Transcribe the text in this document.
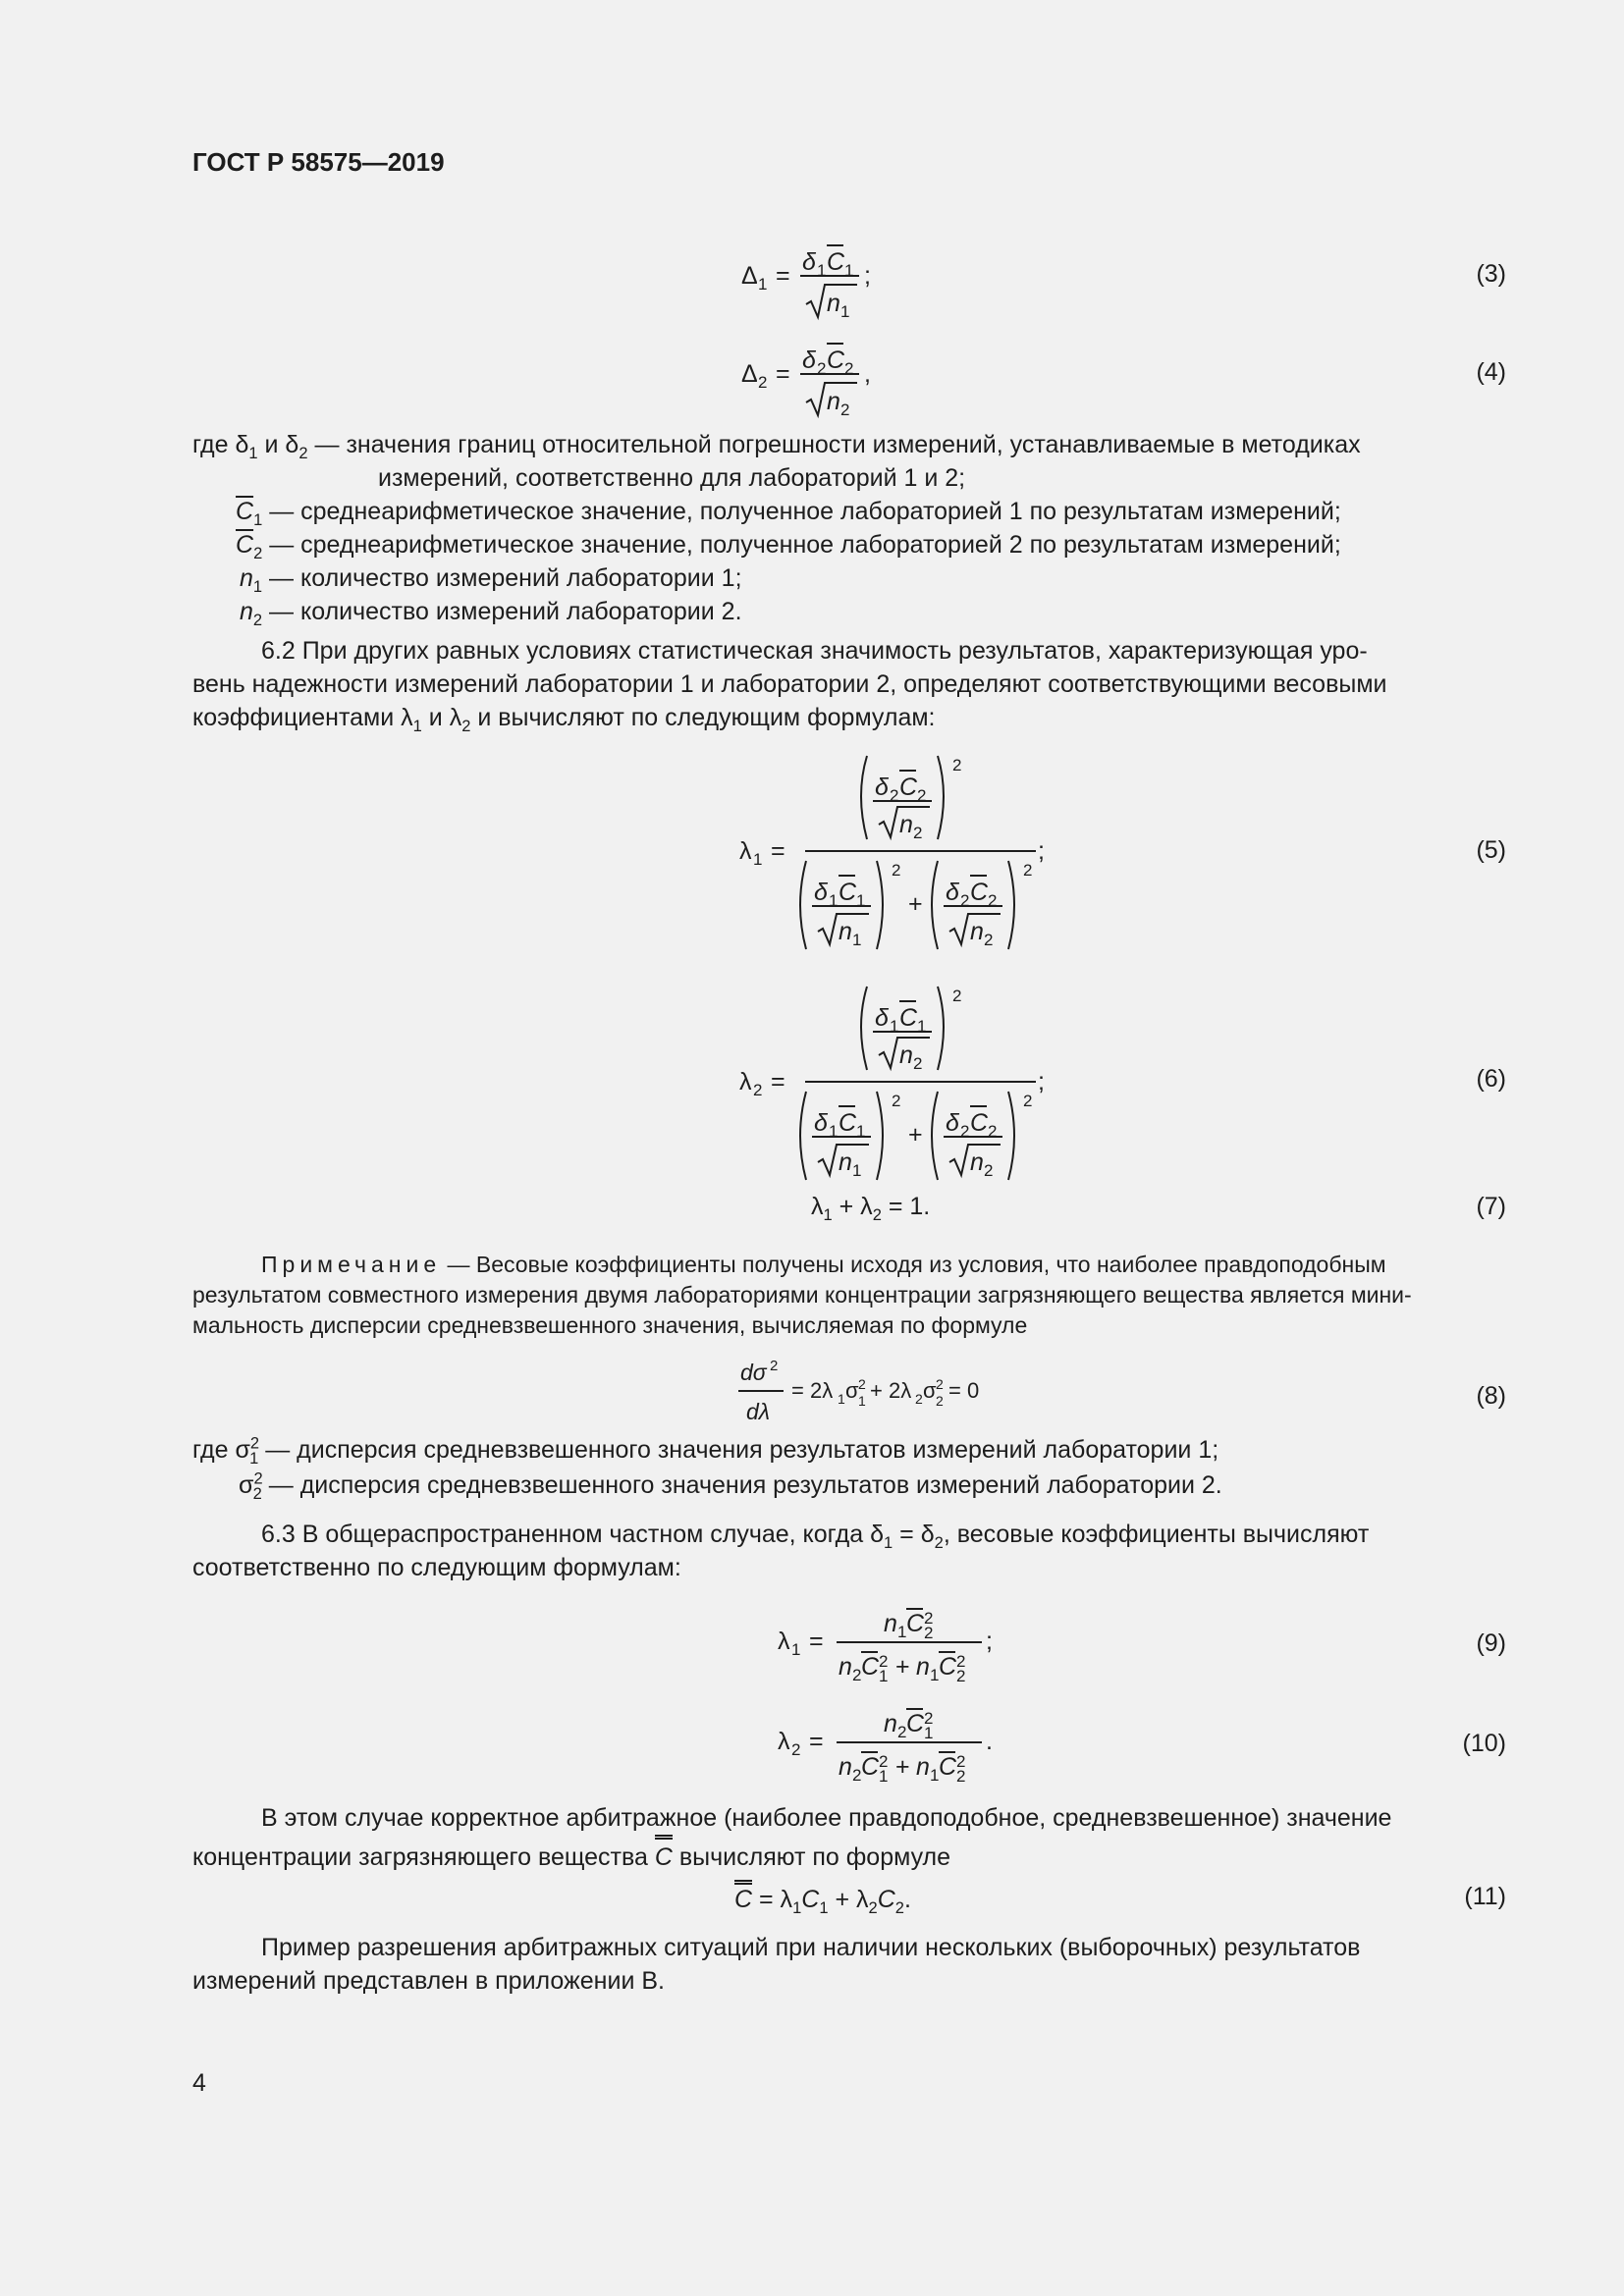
ГОСТ Р 58575—2019
Δ 1 = δ 1 C 1
n 1
;	(3)
Δ 2 = δ 2 C 2
n 2
,	(4)
где $\delta_1$ и $\delta_2$ — значения границ относительной погрешности измерений, устанавливаемые в методиках
измерений, соответственно для лабораторий 1 и 2;
$\overline{C}_1$ — среднеарифметическое значение, полученное лабораторией 1 по результатам измерений;
$\overline{C}_2$ — среднеарифметическое значение, полученное лабораторией 2 по результатам измерений;
$n_1$ — количество измерений лаборатории 1;
$n_2$ — количество измерений лаборатории 2.
6.2 При других равных условиях статистическая значимость результатов, характеризующая уро-
вень надежности измерений лаборатории 1 и лаборатории 2, определяют соответствующими весовыми
коэффициентами $\lambda_1$ и $\lambda_2$ и вычисляют по следующим формулам:
λ 1 =
δ 2 C 2
n 2
2
δ 1 C 1
n 1
2
+ δ 2 C 2
n 2
2
;	(5)
λ 2 =
δ 1 C 1
n 2
2
δ 1 C 1
n 1
2
+ δ 2 C 2
n 2
2
;	(6)
$\lambda_1 + \lambda_2 = 1$.	(7)
Примечание — Весовые коэффициенты получены исходя из условия, что наиболее правдоподобным
результатом совместного измерения двумя лабораториями концентрации загрязняющего вещества является мини-
мальность дисперсии средневзвешенного значения, вычисляемая по формуле
dσ 2
dλ
= 2λ 1 σ 2
1 + 2λ 2 σ 2
2 = 0	(8)
где $\sigma^2_1$ — дисперсия средневзвешенного значения результатов измерений лаборатории 1;
$\sigma^2_2$ — дисперсия средневзвешенного значения результатов измерений лаборатории 2.
6.3 В общераспространенном частном случае, когда $\delta_1 = \delta_2$, весовые коэффициенты вычисляют
соответственно по следующим формулам:
λ 1 =
n 1 C 2
2
n 2 C 2
1 + n 1 C 2
2
;	(9)
λ 2 =
n 2 C 2
1
n 2 C 2
1 + n 1 C 2
2
.	(10)
В этом случае корректное арбитражное (наиболее правдоподобное, средневзвешенное) значение
концентрации загрязняющего вещества C вычисляют по формуле
$C = \lambda_1C_1 + \lambda_2C_2$.	(11)
Пример разрешения арбитражных ситуаций при наличии нескольких (выборочных) результатов
измерений представлен в приложении В.
4
